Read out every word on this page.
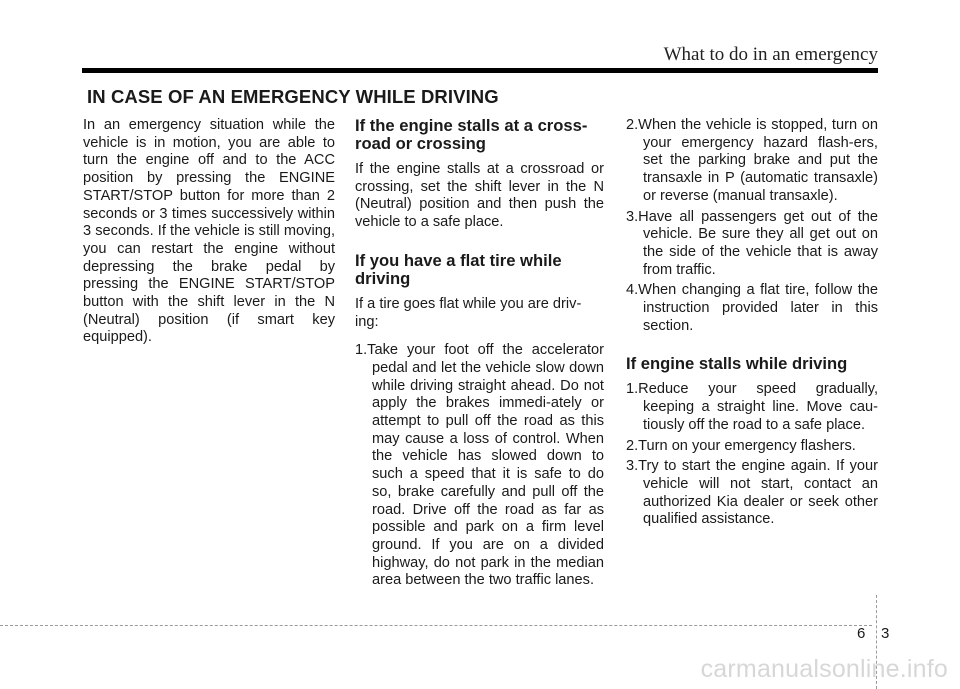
What to do in an emergency
IN CASE OF AN EMERGENCY WHILE DRIVING

In an emergency situation while the vehicle is in motion, you are able to turn the engine off and to the ACC position by pressing the ENGINE START/STOP button for more than 2 seconds or 3 times successively within 3 seconds. If the vehicle is still moving, you can restart the engine without depressing the brake pedal by pressing the ENGINE START/STOP button with the shift lever in the N (Neutral) position (if smart key equipped).

If the engine stalls at a cross-road or crossing

If the engine stalls at a crossroad or crossing, set the shift lever in the N (Neutral) position and then push the vehicle to a safe place.

If you have a flat tire while driving

If a tire goes flat while you are driv-ing:

1.Take your foot off the accelerator pedal and let the vehicle slow down while driving straight ahead. Do not apply the brakes immedi-ately or attempt to pull off the road as this may cause a loss of control. When the vehicle has slowed down to such a speed that it is safe to do so, brake carefully and pull off the road. Drive off the road as far as possible and park on a firm level ground. If you are on a divided highway, do not park in the median area between the two traffic lanes.
2.When the vehicle is stopped, turn on your emergency hazard flash-ers, set the parking brake and put the transaxle in P (automatic transaxle) or reverse (manual transaxle).
3.Have all passengers get out of the vehicle. Be sure they all get out on the side of the vehicle that is away from traffic.
4.When changing a flat tire, follow the instruction provided later in this section.
If engine stalls while driving
1.Reduce your speed gradually, keeping a straight line. Move cau-tiously off the road to a safe place.
2.Turn on your emergency flashers.
3.Try to start the engine again. If your vehicle will not start, contact an authorized Kia dealer or seek other qualified assistance.
6 3
carmanualsonline.info
